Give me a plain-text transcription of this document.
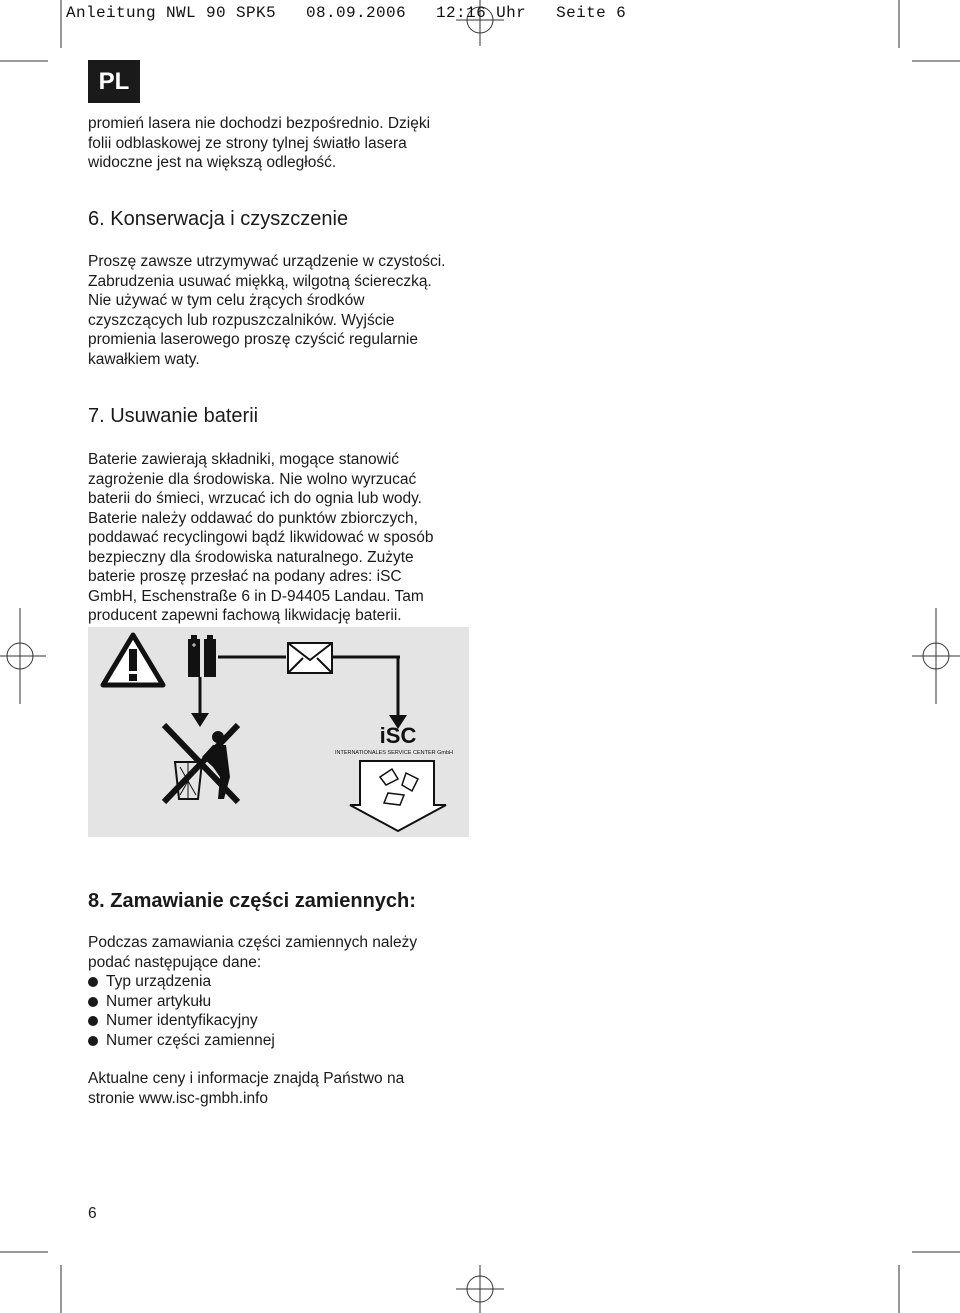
Anleitung NWL 90 SPK5   08.09.2006   12:16 Uhr   Seite 6
PL
promień lasera nie dochodzi bezpośrednio. Dzięki
folii odblaskowej ze strony tylnej światło lasera
widoczne jest na większą odległość.
6. Konserwacja i czyszczenie
Proszę zawsze utrzymywać urządzenie w czystości.
Zabrudzenia usuwać miękką, wilgotną ściereczką.
Nie używać w tym celu żrących środków
czyszczących lub rozpuszczalników. Wyjście
promienia laserowego proszę czyścić regularnie
kawałkiem waty.
7. Usuwanie baterii
Baterie zawierają składniki, mogące stanowić
zagrożenie dla środowiska. Nie wolno wyrzucać
baterii do śmieci, wrzucać ich do ognia lub wody.
Baterie należy oddawać do punktów zbiorczych,
poddawać recyclingowi bądź likwidować w sposób
bezpieczny dla środowiska naturalnego. Zużyte
baterie proszę przesłać na podany adres: iSC
GmbH, Eschenstraße 6 in D-94405 Landau. Tam
producent zapewni fachową likwidację baterii.
iSC
INTERNATIONALES SERVICE CENTER GmbH
8. Zamawianie części zamiennych:
Podczas zamawiania części zamiennych należy
podać następujące dane:
Typ urządzenia
Numer artykułu
Numer identyfikacyjny
Numer części zamiennej
Aktualne ceny i informacje znajdą Państwo na
stronie www.isc-gmbh.info
6
